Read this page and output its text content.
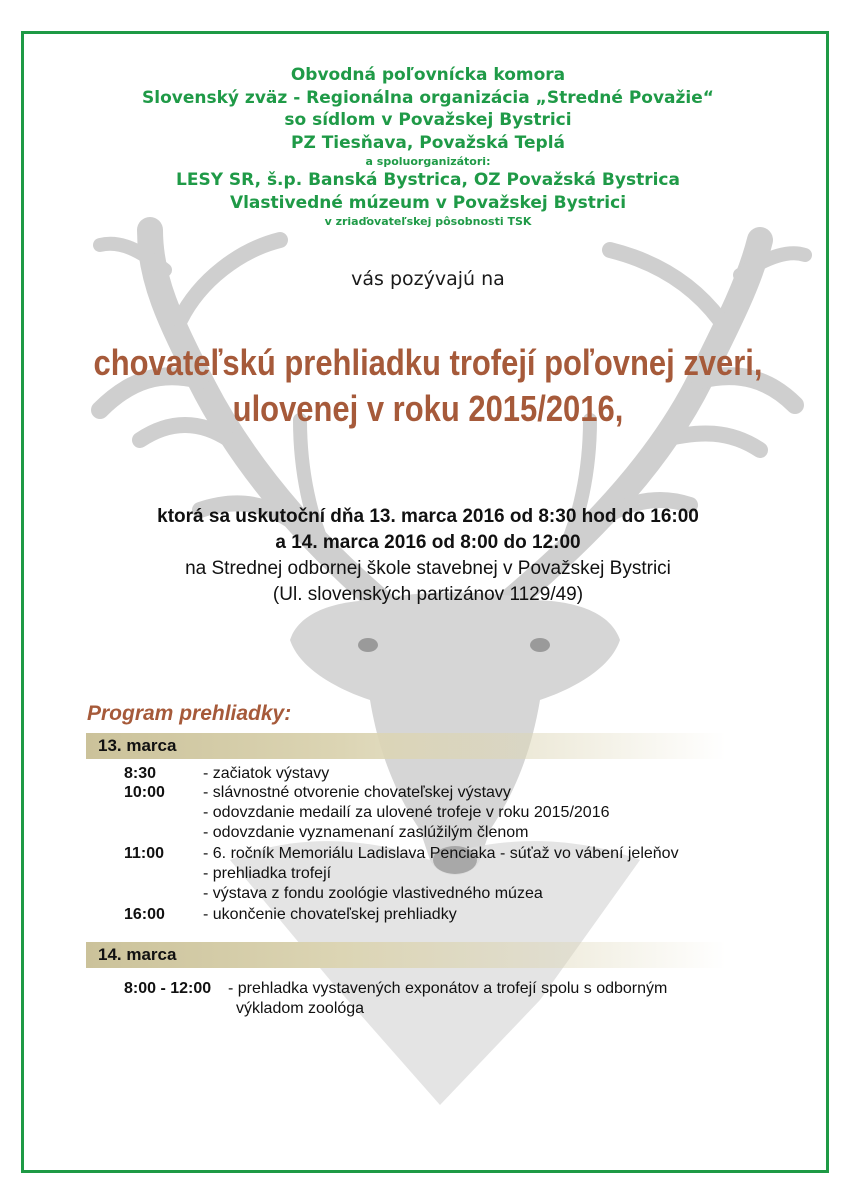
Obvodná poľovnícka komora
Slovenský zväz - Regionálna organizácia „Stredné Považie“
so sídlom v Považskej Bystrici
PZ Tiesňava, Považská Teplá
a spoluorganizátori:
LESY SR, š.p. Banská Bystrica, OZ Považská Bystrica
Vlastivedné múzeum v Považskej Bystrici
v zriaďovateľskej pôsobnosti TSK
vás pozývajú na
chovateľskú prehliadku trofejí poľovnej zveri,
ulovenej v roku 2015/2016,
ktorá sa uskutoční dňa 13. marca 2016 od 8:30 hod do 16:00
a 14. marca 2016 od 8:00 do 12:00
na Strednej odbornej škole stavebnej v Považskej Bystrici
(Ul. slovenských partizánov 1129/49)
Program prehliadky:
13. marca
8:30	- začiatok výstavy
10:00 - slávnostné otvorenie chovateľskej výstavy
- odovzdanie medailí za ulovené trofeje v roku 2015/2016
- odovzdanie vyznamenaní zaslúžilým členom
11:00 - 6. ročník Memoriálu Ladislava Penciaka - súťaž vo vábení jeleňov
- prehliadka trofejí
- výstava z fondu zoológie vlastivedného múzea
16:00 - ukončenie chovateľskej prehliadky
14. marca
8:00 - 12:00 - prehladka vystavených exponátov a trofejí spolu s odborným
výkladom zoológa
